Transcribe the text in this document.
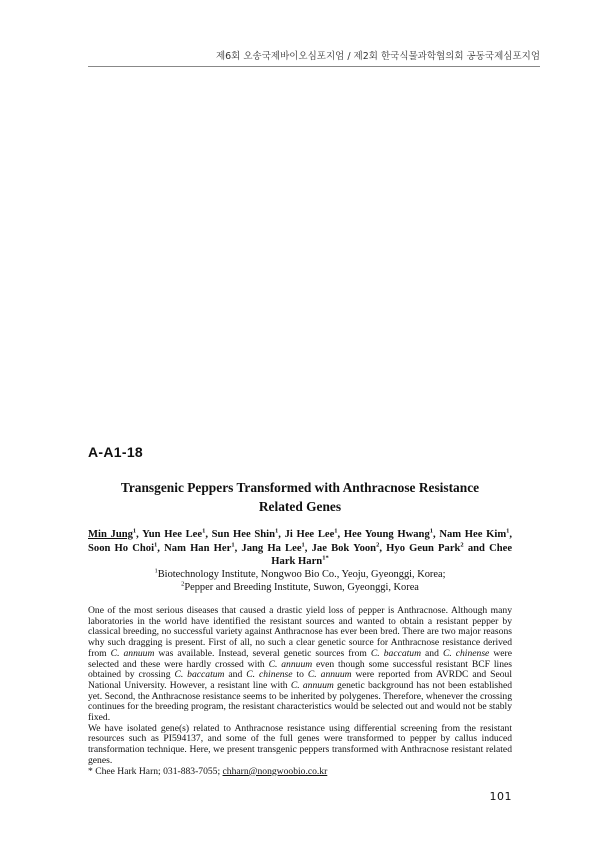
제6회 오송국제바이오심포지엄 / 제2회 한국식물과학협의회 공동국제심포지엄
A-A1-18
Transgenic Peppers Transformed with Anthracnose Resistance
Related Genes
Min Jung$^1$, Yun Hee Lee$^1$, Sun Hee Shin$^1$, Ji Hee Lee$^1$, Hee Young Hwang$^1$, Nam Hee Kim$^1$, Soon Ho Choi$^1$, Nam Han Her$^1$, Jang Ha Lee$^1$, Jae Bok Yoon$^2$, Hyo Geun Park$^2$ and Chee Hark Harn$^{1*}$
$^1$Biotechnology Institute, Nongwoo Bio Co., Yeoju, Gyeonggi, Korea;
$^2$Pepper and Breeding Institute, Suwon, Gyeonggi, Korea

One of the most serious diseases that caused a drastic yield loss of pepper is Anthracnose. Although many laboratories in the world have identified the resistant sources and wanted to obtain a resistant pepper by classical breeding, no successful variety against Anthracnose has ever been bred. There are two major reasons why such dragging is present. First of all, no such a clear genetic source for Anthracnose resistance derived from C. annuum was available. Instead, several genetic sources from C. baccatum and C. chinense were selected and these were hardly crossed with C. annuum even though some successful resistant BCF lines obtained by crossing C. baccatum and C. chinense to C. annuum were reported from AVRDC and Seoul National University. However, a resistant line with C. annuum genetic background has not been established yet. Second, the Anthracnose resistance seems to be inherited by polygenes. Therefore, whenever the crossing continues for the breeding program, the resistant characteristics would be selected out and would not be stably fixed.

We have isolated gene(s) related to Anthracnose resistance using differential screening from the resistant resources such as PI594137, and some of the full genes were transformed to pepper by callus induced transformation technique. Here, we present transgenic peppers transformed with Anthracnose resistant related genes.

* Chee Hark Harn; 031-883-7055; chharn@nongwoobio.co.kr

101
